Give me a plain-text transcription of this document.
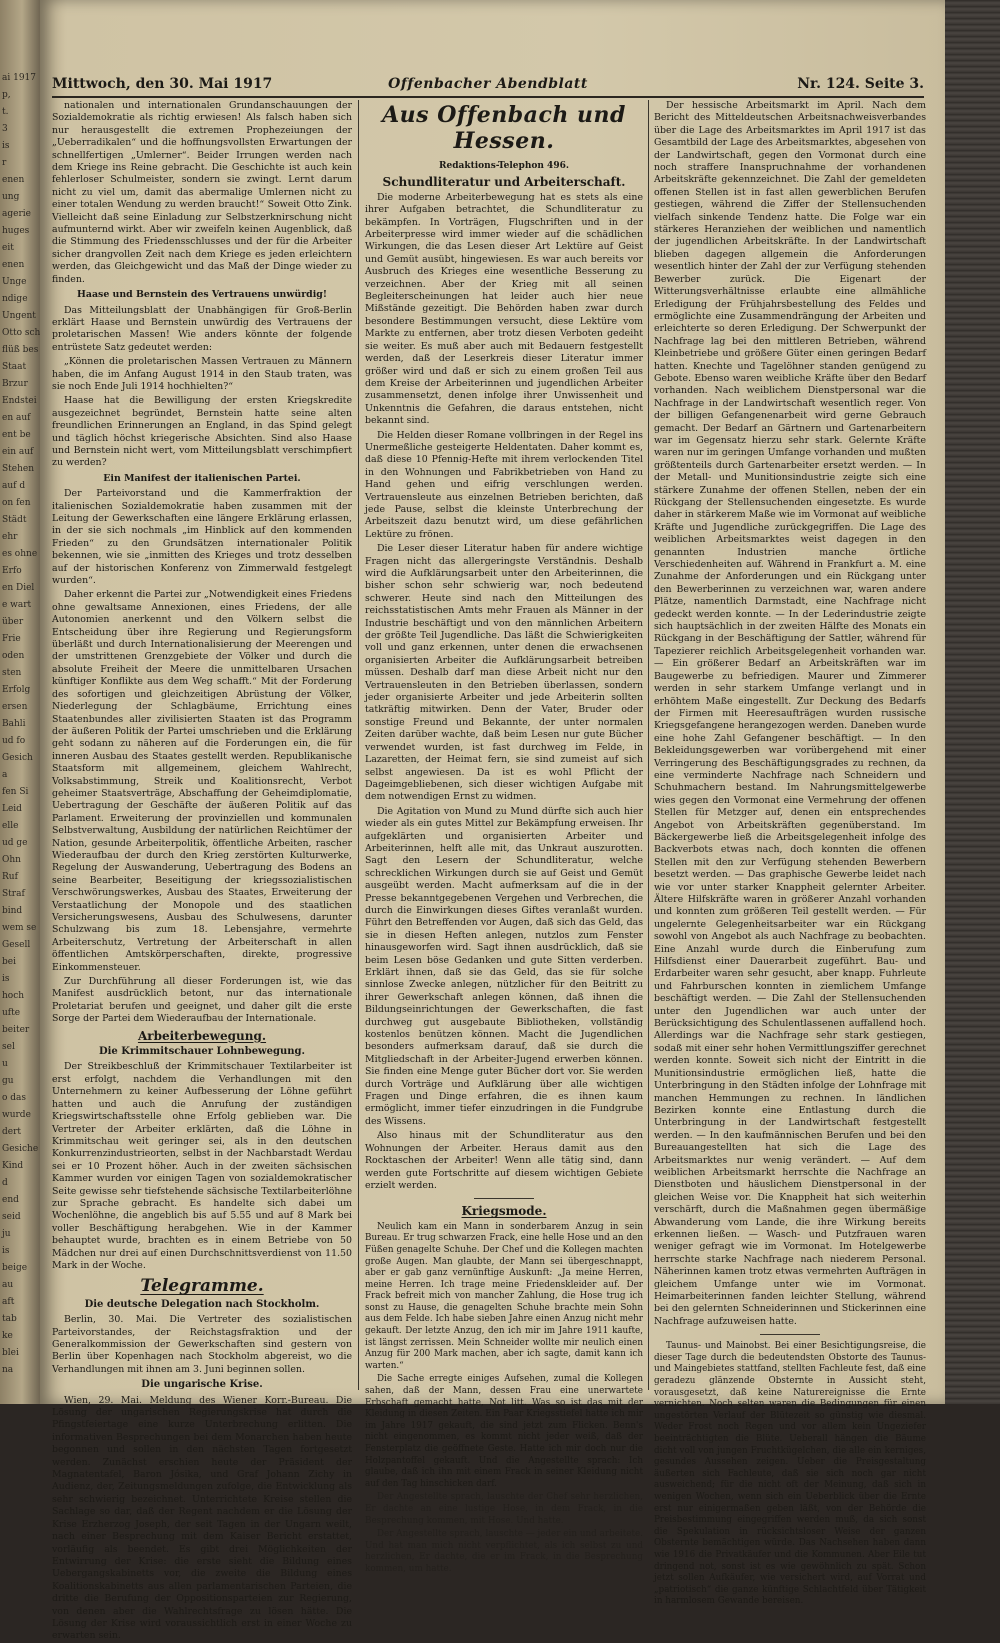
ai 1917
p,
t.
3
is
r
enen
ung
agerie
huges
eit
enen
Unge
ndige
Ungent
Otto sch
flüß bes
Staat
Brzur
Endstei
en auf
ent be
ein auf
Stehen
auf d
on fen
Städt
ehr
es ohne
Erfo
en Diel
e wart
über
Frie
oden
sten
Erfolg
ersen
Bahli
ud fo
Gesich
a
fen Si
Leid
elle
ud ge
Ohn
Ruf
Straf
bind
wem se
Gesell
bei
is
hoch
ufte
beiter
sel
u
gu
o das
wurde
dert
Gesiche
Kind
d
end
seid
ju
is
beige
au
aft
tab
ke
blei
na
Mittwoch, den 30. Mai 1917	Offenbacher Abendblatt	Nr. 124. Seite 3.

nationalen und internationalen Grundanschauungen der Sozialdemokratie als richtig erwiesen! Als falsch haben sich nur herausgestellt die extremen Prophezeiungen der „Ueberradikalen“ und die hoffnungsvollsten Erwartungen der schnellfertigen „Umlerner“. Beider Irrungen werden nach dem Kriege ins Reine gebracht. Die Geschichte ist auch kein fehlerloser Schulmeister, sondern sie zwingt. Lernt darum nicht zu viel um, damit das abermalige Umlernen nicht zu einer totalen Wendung zu werden braucht!“ Soweit Otto Zink. Vielleicht daß seine Einladung zur Selbstzerknirschung nicht aufmunternd wirkt. Aber wir zweifeln keinen Augenblick, daß die Stimmung des Friedensschlusses und der für die Arbeiter sicher drangvollen Zeit nach dem Kriege es jeden erleichtern werden, das Gleichgewicht und das Maß der Dinge wieder zu finden.

Haase und Bernstein des Vertrauens unwürdig!

Das Mitteilungsblatt der Unabhängigen für Groß-Berlin erklärt Haase und Bernstein unwürdig des Vertrauens der proletarischen Massen! Wie anders könnte der folgende entrüstete Satz gedeutet werden:

„Können die proletarischen Massen Vertrauen zu Männern haben, die im Anfang August 1914 in den Staub traten, was sie noch Ende Juli 1914 hochhielten?“

Haase hat die Bewilligung der ersten Kriegskredite ausgezeichnet begründet, Bernstein hatte seine alten freundlichen Erinnerungen an England, in das Spind gelegt und täglich höchst kriegerische Absichten. Sind also Haase und Bernstein nicht wert, vom Mitteilungsblatt verschimpfiert zu werden?

Ein Manifest der italienischen Partei.

Der Parteivorstand und die Kammerfraktion der italienischen Sozialdemokratie haben zusammen mit der Leitung der Gewerkschaften eine längere Erklärung erlassen, in der sie sich nochmals „im Hinblick auf den kommenden Frieden“ zu den Grundsätzen internationaler Politik bekennen, wie sie „inmitten des Krieges und trotz desselben auf der historischen Konferenz von Zimmerwald festgelegt wurden“.

Daher erkennt die Partei zur „Notwendigkeit eines Friedens ohne gewaltsame Annexionen, eines Friedens, der alle Autonomien anerkennt und den Völkern selbst die Entscheidung über ihre Regierung und Regierungsform überläßt und durch Internationalisierung der Meerengen und der umstrittenen Grenzgebiete der Völker und durch die absolute Freiheit der Meere die unmittelbaren Ursachen künftiger Konflikte aus dem Weg schafft.“ Mit der Forderung des sofortigen und gleichzeitigen Abrüstung der Völker, Niederlegung der Schlagbäume, Errichtung eines Staatenbundes aller zivilisierten Staaten ist das Programm der äußeren Politik der Partei umschrieben und die Erklärung geht sodann zu näheren auf die Forderungen ein, die für inneren Ausbau des Staates gestellt werden. Republikanische Staatsform mit allgemeinem, gleichem Wahlrecht, Volksabstimmung, Streik und Koalitionsrecht, Verbot geheimer Staatsverträge, Abschaffung der Geheimdiplomatie, Uebertragung der Geschäfte der äußeren Politik auf das Parlament. Erweiterung der provinziellen und kommunalen Selbstverwaltung, Ausbildung der natürlichen Reichtümer der Nation, gesunde Arbeiterpolitik, öffentliche Arbeiten, rascher Wiederaufbau der durch den Krieg zerstörten Kulturwerke, Regelung der Auswanderung, Uebertragung des Bodens an seine Bearbeiter, Beseitigung der kriegssozialistischen Verschwörungswerkes, Ausbau des Staates, Erweiterung der Verstaatlichung der Monopole und des staatlichen Versicherungswesens, Ausbau des Schulwesens, darunter Schulzwang bis zum 18. Lebensjahre, vermehrte Arbeiterschutz, Vertretung der Arbeiterschaft in allen öffentlichen Amtskörperschaften, direkte, progressive Einkommensteuer.

Zur Durchführung all dieser Forderungen ist, wie das Manifest ausdrücklich betont, nur das internationale Proletariat berufen und geeignet, und daher gilt die erste Sorge der Partei dem Wiederaufbau der Internationale.

Arbeiterbewegung.
Die Krimmitschauer Lohnbewegung.

Der Streikbeschluß der Krimmitschauer Textilarbeiter ist erst erfolgt, nachdem die Verhandlungen mit den Unternehmern zu keiner Aufbesserung der Löhne geführt hatten und auch die Anrufung der zuständigen Kriegswirtschaftsstelle ohne Erfolg geblieben war. Die Vertreter der Arbeiter erklärten, daß die Löhne in Krimmitschau weit geringer sei, als in den deutschen Konkurrenzindustrieorten, selbst in der Nachbarstadt Werdau sei er 10 Prozent höher. Auch in der zweiten sächsischen Kammer wurden vor einigen Tagen von sozialdemokratischer Seite gewisse sehr tiefstehende sächsische Textilarbeiterlöhne zur Sprache gebracht. Es handelte sich dabei um Wochenlöhne, die angeblich bis auf 5.55 und auf 8 Mark bei voller Beschäftigung herabgehen. Wie in der Kammer behauptet wurde, brachten es in einem Betriebe von 50 Mädchen nur drei auf einen Durchschnittsverdienst von 11.50 Mark in der Woche.

Telegramme.
Die deutsche Delegation nach Stockholm.

Berlin, 30. Mai. Die Vertreter des sozialistischen Parteivorstandes, der Reichstagsfraktion und der Generalkommission der Gewerkschaften sind gestern von Berlin über Kopenhagen nach Stockholm abgereist, wo die Verhandlungen mit ihnen am 3. Juni beginnen sollen.

Die ungarische Krise.

Wien, 29. Mai. Meldung des Wiener Korr.-Bureau. Die Lösung der ungarischen Regierungskrise hat durch die Pfingstfeiertage eine kurze Unterbrechung erlitten. Die informativen Besprechungen bei dem Monarchen haben heute begonnen und sollen in den nächsten Tagen fortgesetzt werden. Zunächst erschien heute der Präsident der Magnatentafel, Baron Jósika, und Graf Johann Zichy in Audienz, der, Zeitungsmeldungen zufolge, die Entwicklung als sehr schwierig bezeichnet. Unterrichtete Kreise stellen die Sachlage so dar, daß der Regent nachdem er die Lösung der Krise Erzherzog Joseph, der seit Tagen in der Ungarn weilt, nach einer Besprechung mit dem Kaiser Bericht erstattet, vorläufig als beendet. Es gibt drei Möglichkeiten der Entwirrung der Krise: die erste sieht die Bildung eines Uebergangskabinetts vor, die zweite die Bildung eines Koalitionskabinetts aus allen parlamentarischen Parteien, die dritte die Berufung der Oppositionsparteien zur Regierung, von denen aber die Wahlrechtsfrage zu lösen hätte. Die Lösung der Krise wird voraussichtlich erst in einer Woche zu erwarten sein.

Aus Offenbach und Hessen.
Redaktions-Telephon 496.
Schundliteratur und Arbeiterschaft.

Die moderne Arbeiterbewegung hat es stets als eine ihrer Aufgaben betrachtet, die Schundliteratur zu bekämpfen. In Vorträgen, Flugschriften und in der Arbeiterpresse wird immer wieder auf die schädlichen Wirkungen, die das Lesen dieser Art Lektüre auf Geist und Gemüt ausübt, hingewiesen. Es war auch bereits vor Ausbruch des Krieges eine wesentliche Besserung zu verzeichnen. Aber der Krieg mit all seinen Begleiterscheinungen hat leider auch hier neue Mißstände gezeitigt. Die Behörden haben zwar durch besondere Bestimmungen versucht, diese Lektüre vom Markte zu entfernen, aber trotz diesen Verboten gedeiht sie weiter. Es muß aber auch mit Bedauern festgestellt werden, daß der Leserkreis dieser Literatur immer größer wird und daß er sich zu einem großen Teil aus dem Kreise der Arbeiterinnen und jugendlichen Arbeiter zusammensetzt, denen infolge ihrer Unwissenheit und Unkenntnis die Gefahren, die daraus entstehen, nicht bekannt sind.

Die Helden dieser Romane vollbringen in der Regel ins Unermeßliche gesteigerte Heldentaten. Daher kommt es, daß diese 10 Pfennig-Hefte mit ihrem verlockenden Titel in den Wohnungen und Fabrikbetrieben von Hand zu Hand gehen und eifrig verschlungen werden. Vertrauensleute aus einzelnen Betrieben berichten, daß jede Pause, selbst die kleinste Unterbrechung der Arbeitszeit dazu benutzt wird, um diese gefährlichen Lektüre zu frönen.

Die Leser dieser Literatur haben für andere wichtige Fragen nicht das allergeringste Verständnis. Deshalb wird die Aufklärungsarbeit unter den Arbeiterinnen, die bisher schon sehr schwierig war, noch bedeutend schwerer. Heute sind nach den Mitteilungen des reichsstatistischen Amts mehr Frauen als Männer in der Industrie beschäftigt und von den männlichen Arbeitern der größte Teil Jugendliche. Das läßt die Schwierigkeiten voll und ganz erkennen, unter denen die erwachsenen organisierten Arbeiter die Aufklärungsarbeit betreiben müssen. Deshalb darf man diese Arbeit nicht nur den Vertrauensleuten in den Betrieben überlassen, sondern jeder organisierte Arbeiter und jede Arbeiterin sollten tatkräftig mitwirken. Denn der Vater, Bruder oder sonstige Freund und Bekannte, der unter normalen Zeiten darüber wachte, daß beim Lesen nur gute Bücher verwendet wurden, ist fast durchweg im Felde, in Lazaretten, der Heimat fern, sie sind zumeist auf sich selbst angewiesen. Da ist es wohl Pflicht der Dageimgebliebenen, sich dieser wichtigen Aufgabe mit dem notwendigen Ernst zu widmen.

Die Agitation von Mund zu Mund dürfte sich auch hier wieder als ein gutes Mittel zur Bekämpfung erweisen. Ihr aufgeklärten und organisierten Arbeiter und Arbeiterinnen, helft alle mit, das Unkraut auszurotten. Sagt den Lesern der Schundliteratur, welche schrecklichen Wirkungen durch sie auf Geist und Gemüt ausgeübt werden. Macht aufmerksam auf die in der Presse bekanntgegebenen Vergehen und Verbrechen, die durch die Einwirkungen dieses Giftes veranlaßt wurden. Führt den Betreffenden vor Augen, daß sich das Geld, das sie in diesen Heften anlegen, nutzlos zum Fenster hinausgeworfen wird. Sagt ihnen ausdrücklich, daß sie beim Lesen böse Gedanken und gute Sitten verderben. Erklärt ihnen, daß sie das Geld, das sie für solche sinnlose Zwecke anlegen, nützlicher für den Beitritt zu ihrer Gewerkschaft anlegen können, daß ihnen die Bildungseinrichtungen der Gewerkschaften, die fast durchweg gut ausgebaute Bibliotheken, vollständig kostenlos benützen können. Macht die Jugendlichen besonders aufmerksam darauf, daß sie durch die Mitgliedschaft in der Arbeiter-Jugend erwerben können. Sie finden eine Menge guter Bücher dort vor. Sie werden durch Vorträge und Aufklärung über alle wichtigen Fragen und Dinge erfahren, die es ihnen kaum ermöglicht, immer tiefer einzudringen in die Fundgrube des Wissens.

Also hinaus mit der Schundliteratur aus den Wohnungen der Arbeiter. Heraus damit aus den Rocktaschen der Arbeiter! Wenn alle tätig sind, dann werden gute Fortschritte auf diesem wichtigen Gebiete erzielt werden.

Kriegsmode.

Neulich kam ein Mann in sonderbarem Anzug in sein Bureau. Er trug schwarzen Frack, eine helle Hose und an den Füßen genagelte Schuhe. Der Chef und die Kollegen machten große Augen. Man glaubte, der Mann sei übergeschnappt, aber er gab ganz vernünftige Auskunft: „Ja meine Herren, meine Herren. Ich trage meine Friedenskleider auf. Der Frack befreit mich von mancher Zahlung, die Hose trug ich sonst zu Hause, die genagelten Schuhe brachte mein Sohn aus dem Felde. Ich habe sieben Jahre einen Anzug nicht mehr gekauft. Der letzte Anzug, den ich mir im Jahre 1911 kaufte, ist längst zerrissen. Mein Schneider wollte mir neulich einen Anzug für 200 Mark machen, aber ich sagte, damit kann ich warten.“

Die Sache erregte einiges Aufsehen, zumal die Kollegen sahen, daß der Mann, dessen Frau eine unerwartete Erbschaft gemacht hatte, Not litt. Was so ist das mit der Kleidung in diesen Zeiten. Ein Paar Kriegsstiefel hatte ich mir im Jahre 1917 gekauft, die sind jetzt zum Flicken. Benn's nicht eingenommen, es kommt nicht jeder weiß, daß der Fensterplatz die geöffnete Geste. Hatte ich mir doch nur die Holzpantoffel gekauft. Und die Angestellte sprach: Ich glaube, daß ich ihn mit einem Frack in seiner Kleidung nicht auf den Tag hinschicken darf.

Der Angestellte sprach, lauschte der Chef sehr herzlichen, Er dachte an eine lustige Hose, in dem Frack, in die Besprechung kommen, mit Hose. Und hatte.

Der Angestellte sprach, lauschte — jeder ein und arbeitete. Und hat man mich nicht verpflichtet, als ich selbst zu und herzlichen, Er dachte, die er im Frack, in die Besprechung kommen, um hatte.

Der hessische Arbeitsmarkt im April. Nach dem Bericht des Mitteldeutschen Arbeitsnachweisverbandes über die Lage des Arbeitsmarktes im April 1917 ist das Gesamtbild der Lage des Arbeitsmarktes, abgesehen von der Landwirtschaft, gegen den Vormonat durch eine noch straffere Inanspruchnahme der vorhandenen Arbeitskräfte gekennzeichnet. Die Zahl der gemeldeten offenen Stellen ist in fast allen gewerblichen Berufen gestiegen, während die Ziffer der Stellensuchenden vielfach sinkende Tendenz hatte. Die Folge war ein stärkeres Heranziehen der weiblichen und namentlich der jugendlichen Arbeitskräfte. In der Landwirtschaft blieben dagegen allgemein die Anforderungen wesentlich hinter der Zahl der zur Verfügung stehenden Bewerber zurück. Die Eigenart der Witterungsverhältnisse erlaubte eine allmähliche Erledigung der Frühjahrsbestellung des Feldes und ermöglichte eine Zusammendrängung der Arbeiten und erleichterte so deren Erledigung. Der Schwerpunkt der Nachfrage lag bei den mittleren Betrieben, während Kleinbetriebe und größere Güter einen geringen Bedarf hatten. Knechte und Tagelöhner standen genügend zu Gebote. Ebenso waren weibliche Kräfte über den Bedarf vorhanden. Nach weiblichem Dienstpersonal war die Nachfrage in der Landwirtschaft wesentlich reger. Von der billigen Gefangenenarbeit wird gerne Gebrauch gemacht. Der Bedarf an Gärtnern und Gartenarbeitern war im Gegensatz hierzu sehr stark. Gelernte Kräfte waren nur im geringen Umfange vorhanden und mußten größtenteils durch Gartenarbeiter ersetzt werden. — In der Metall- und Munitionsindustrie zeigte sich eine stärkere Zunahme der offenen Stellen, neben der ein Rückgang der Stellensuchenden eingesetzte. Es wurde daher in stärkerem Maße wie im Vormonat auf weibliche Kräfte und Jugendliche zurückgegriffen. Die Lage des weiblichen Arbeitsmarktes weist dagegen in den genannten Industrien manche örtliche Verschiedenheiten auf. Während in Frankfurt a. M. eine Zunahme der Anforderungen und ein Rückgang unter den Bewerberinnen zu verzeichnen war, waren andere Plätze, namentlich Darmstadt, eine Nachfrage nicht gedeckt werden konnte. — In der Lederindustrie zeigte sich hauptsächlich in der zweiten Hälfte des Monats ein Rückgang in der Beschäftigung der Sattler, während für Tapezierer reichlich Arbeitsgelegenheit vorhanden war. — Ein größerer Bedarf an Arbeitskräften war im Baugewerbe zu befriedigen. Maurer und Zimmerer werden in sehr starkem Umfange verlangt und in erhöhtem Maße eingestellt. Zur Deckung des Bedarfs der Firmen mit Heeresaufträgen wurden russische Kriegsgefangene herangezogen werden. Daneben wurde eine hohe Zahl Gefangener beschäftigt. — In den Bekleidungsgewerben war vorübergehend mit einer Verringerung des Beschäftigungsgrades zu rechnen, da eine verminderte Nachfrage nach Schneidern und Schuhmachern bestand. Im Nahrungsmittelgewerbe wies gegen den Vormonat eine Vermehrung der offenen Stellen für Metzger auf, denen ein entsprechendes Angebot von Arbeitskräften gegenüberstand. Im Bäckergewerbe ließ die Arbeitsgelegenheit infolge des Backverbots etwas nach, doch konnten die offenen Stellen mit den zur Verfügung stehenden Bewerbern besetzt werden. — Das graphische Gewerbe leidet nach wie vor unter starker Knappheit gelernter Arbeiter. Ältere Hilfskräfte waren in größerer Anzahl vorhanden und konnten zum größeren Teil gestellt werden. — Für ungelernte Gelegenheitsarbeiter war ein Rückgang sowohl von Angebot als auch Nachfrage zu beobachten. Eine Anzahl wurde durch die Einberufung zum Hilfsdienst einer Dauerarbeit zugeführt. Bau- und Erdarbeiter waren sehr gesucht, aber knapp. Fuhrleute und Fahrburschen konnten in ziemlichem Umfange beschäftigt werden. — Die Zahl der Stellensuchenden unter den Jugendlichen war auch unter der Berücksichtigung des Schulentlassenen auffallend hoch. Allerdings war die Nachfrage sehr stark gestiegen, sodaß mit einer sehr hohen Vermittlungsziffer gerechnet werden konnte. Soweit sich nicht der Eintritt in die Munitionsindustrie ermöglichen ließ, hatte die Unterbringung in den Städten infolge der Lohnfrage mit manchen Hemmungen zu rechnen. In ländlichen Bezirken konnte eine Entlastung durch die Unterbringung in der Landwirtschaft festgestellt werden. — In den kaufmännischen Berufen und bei den Bureauangestellten hat sich die Lage des Arbeitsmarktes nur wenig verändert. — Auf dem weiblichen Arbeitsmarkt herrschte die Nachfrage an Dienstboten und häuslichem Dienstpersonal in der gleichen Weise vor. Die Knappheit hat sich weiterhin verschärft, durch die Maßnahmen gegen übermäßige Abwanderung vom Lande, die ihre Wirkung bereits erkennen ließen. — Wasch- und Putzfrauen waren weniger gefragt wie im Vormonat. Im Hotelgewerbe herrschte starke Nachfrage nach niederem Personal. Näherinnen kamen trotz etwas vermehrten Aufträgen in gleichem Umfange unter wie im Vormonat. Heimarbeiterinnen fanden leichter Stellung, während bei den gelernten Schneiderinnen und Stickerinnen eine Nachfrage aufzuweisen hatte.

Taunus- und Mainobst. Bei einer Besichtigungsreise, die dieser Tage durch die bedeutendsten Obstorte des Taunus- und Maingebietes stattfand, stellten Fachleute fest, daß eine geradezu glänzende Obsternte in Aussicht steht, vorausgesetzt, daß keine Naturereignisse die Ernte vernichten. Noch selten waren die Bedingungen für einen ungestörten Verlauf der Blütezeit so günstig wie diesmal. Weder Frost noch Regen und vor allem kein Ungeziefer beeinträchtigten die Blüte. Ueberall hängen die Bäume dicht voll von jungen Fruchtkügelchen, die alle ein kerniges, gesundes Aussehen zeigen. Ueber die Preisgestaltung äußerten sich Fachleute, daß sie sich noch gar nicht ausweichend; für die nicht oft der Meinung, daß sich in wenigen Wochen, wenn sich ein Ueberblick über die Ernte erst nur einigermaßen geben läßt, von der Behörde die Preisbestimmung eingegriffen werden muß, da sich sonst die Spekulation in rücksichtsloser Weise der ganzen Obsternte bemächtigen würde. Das Nachsehen haben dann wie 1916 die Privatkäufer und die Kommunen. Aber Eile tut dringend not, sonst ist es wie gewöhnlich zu spät. Schon jetzt sollen Aufkäufer, wie versichert wird, auf Vorrat und „patriotisch“ die ganze künftige Schlachtfeld über Tätigkeit in harmlosem Gewande bereisen.
